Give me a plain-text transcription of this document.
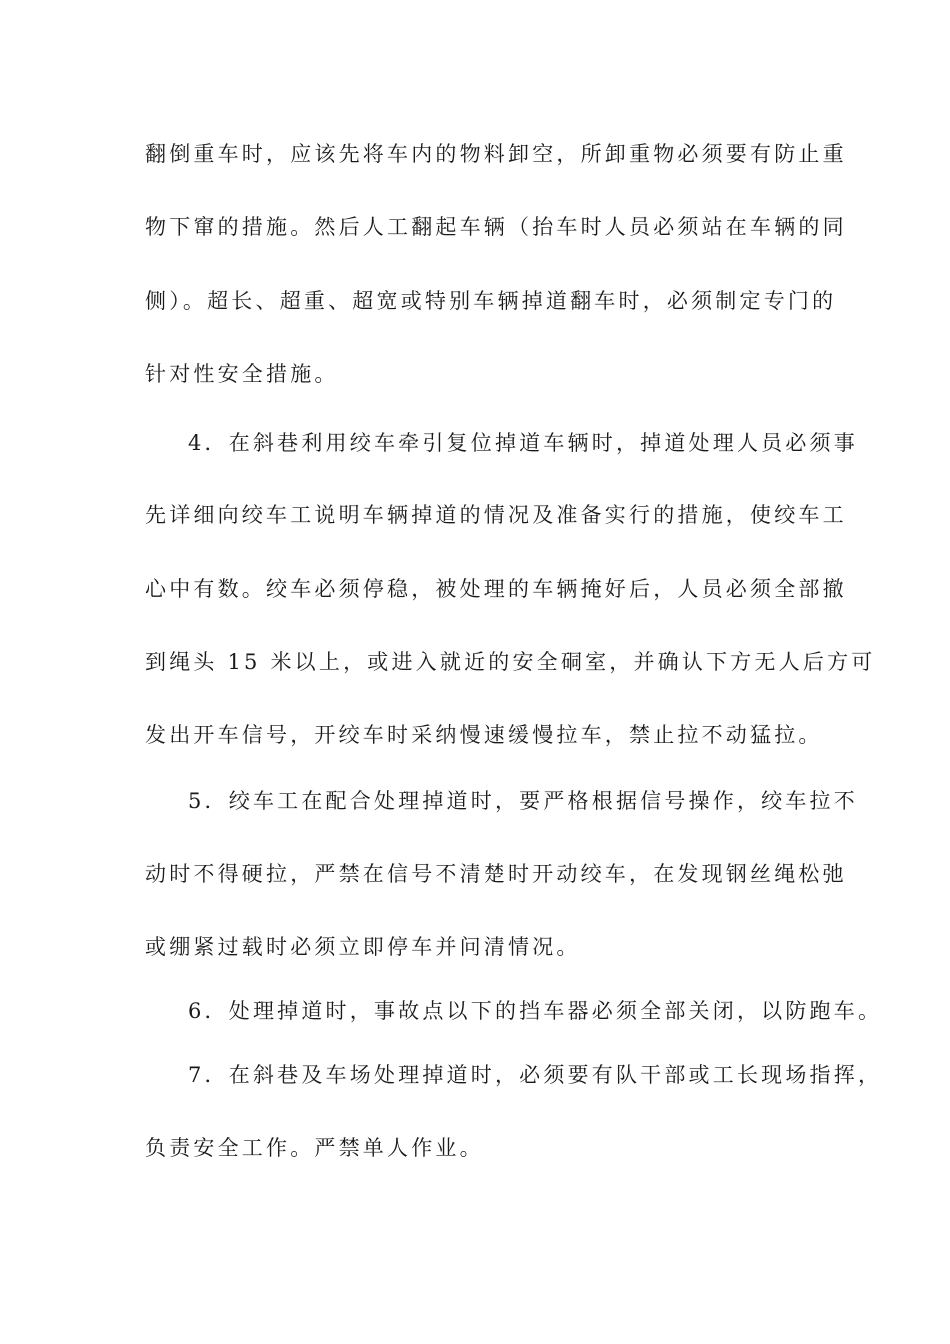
翻倒重车时，应该先将车内的物料卸空，所卸重物必须要有防止重
物下窜的措施。然后人工翻起车辆（抬车时人员必须站在车辆的同
侧）。超长、超重、超宽或特别车辆掉道翻车时，必须制定专门的
针对性安全措施。
4．在斜巷利用绞车牵引复位掉道车辆时，掉道处理人员必须事
先详细向绞车工说明车辆掉道的情况及准备实行的措施，使绞车工
心中有数。绞车必须停稳，被处理的车辆掩好后，人员必须全部撤
到绳头 15 米以上，或进入就近的安全硐室，并确认下方无人后方可
发出开车信号，开绞车时采纳慢速缓慢拉车，禁止拉不动猛拉。
5．绞车工在配合处理掉道时，要严格根据信号操作，绞车拉不
动时不得硬拉，严禁在信号不清楚时开动绞车，在发现钢丝绳松弛
或绷紧过载时必须立即停车并问清情况。
6．处理掉道时，事故点以下的挡车器必须全部关闭，以防跑车。
7．在斜巷及车场处理掉道时，必须要有队干部或工长现场指挥，
负责安全工作。严禁单人作业。
